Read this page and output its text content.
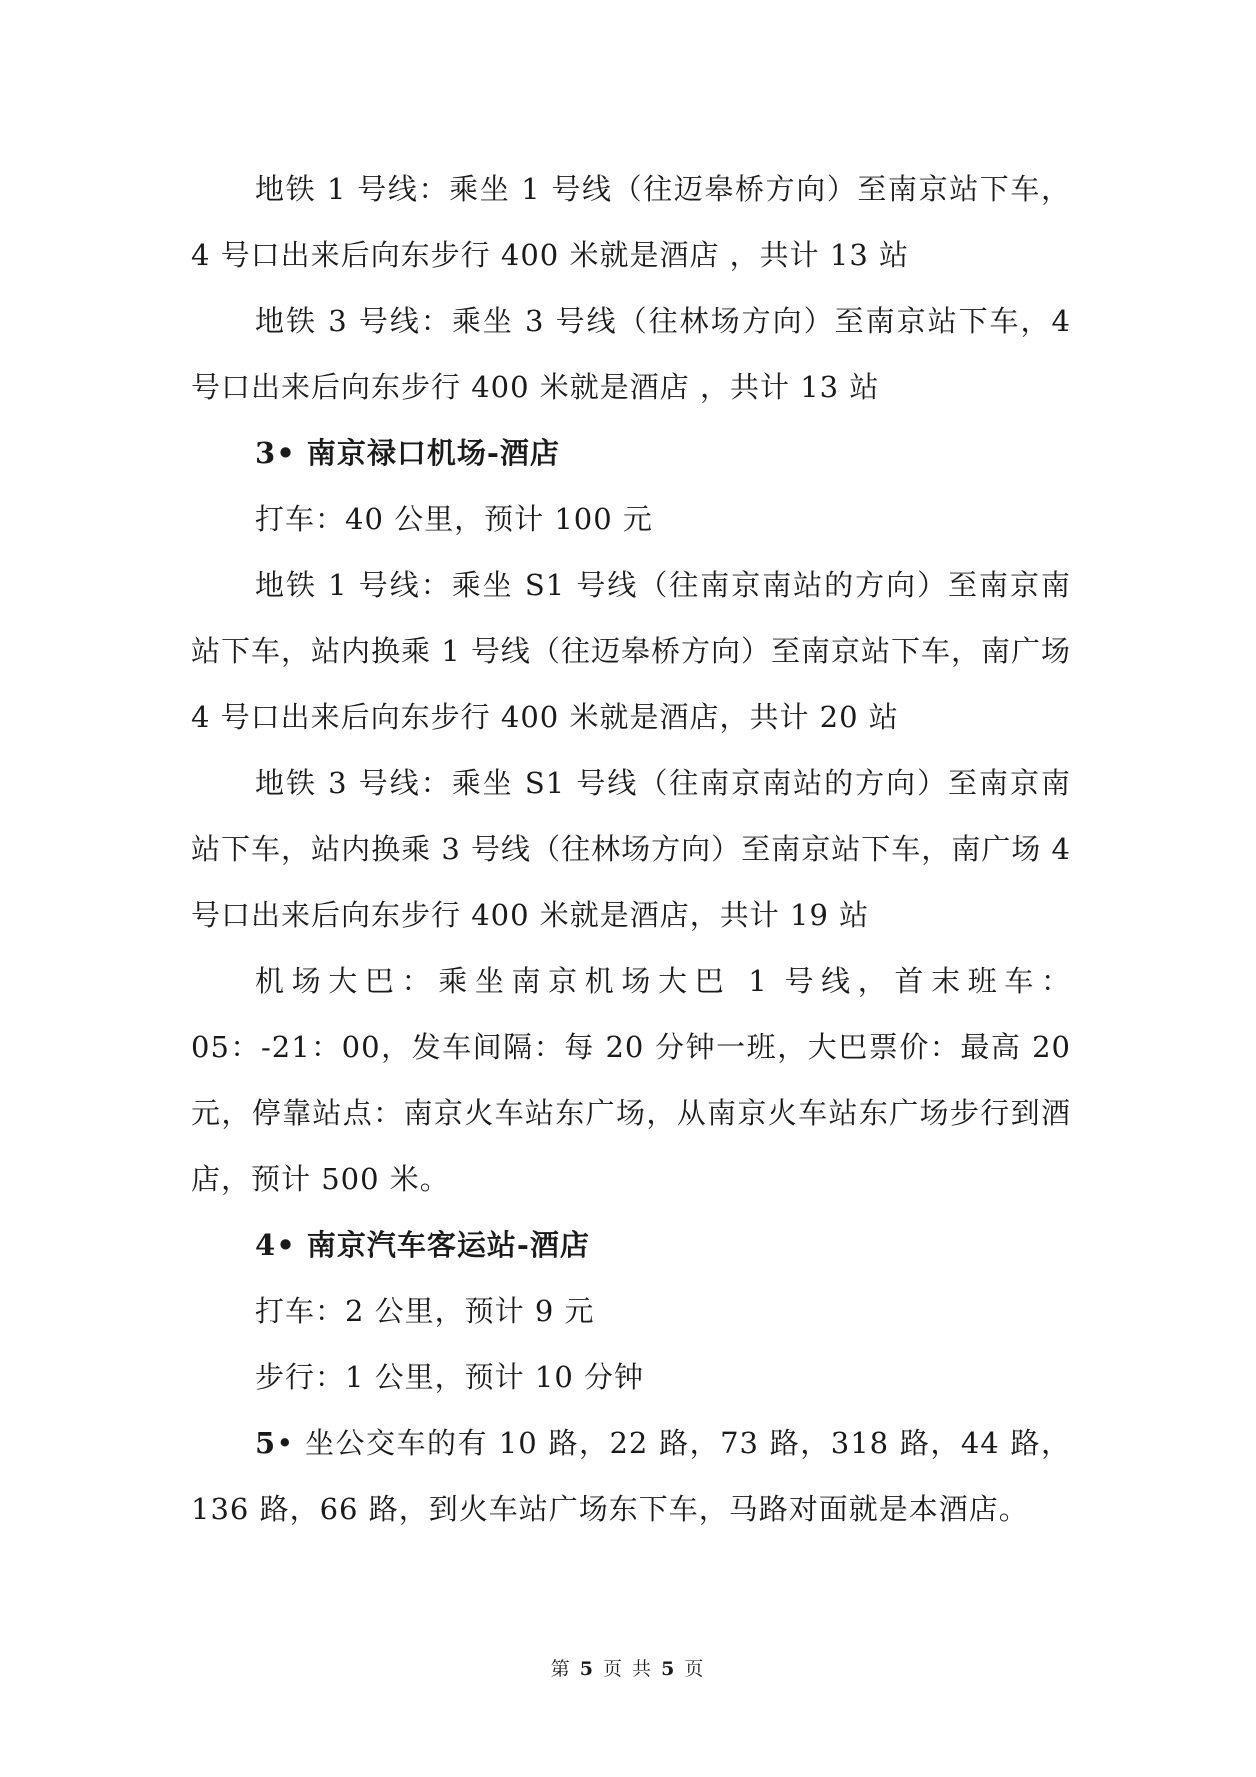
地铁 1 号线：乘坐 1 号线（往迈皋桥方向）至南京站下车，4 号口出来后向东步行 400 米就是酒店 ，共计 13 站

地铁 3 号线：乘坐 3 号线（往林场方向）至南京站下车，4 号口出来后向东步行 400 米就是酒店 ，共计 13 站

3• 南京禄口机场-酒店

打车：40 公里，预计 100 元

地铁 1 号线：乘坐 S1 号线（往南京南站的方向）至南京南站下车，站内换乘 1 号线（往迈皋桥方向）至南京站下车，南广场 4 号口出来后向东步行 400 米就是酒店，共计 20 站

地铁 3 号线：乘坐 S1 号线（往南京南站的方向）至南京南站下车，站内换乘 3 号线（往林场方向）至南京站下车，南广场 4 号口出来后向东步行 400 米就是酒店，共计 19 站

机场大巴：乘坐南京机场大巴 1 号线，首末班车：05：-21：00，发车间隔：每 20 分钟一班，大巴票价：最高 20 元，停靠站点：南京火车站东广场，从南京火车站东广场步行到酒店，预计 500 米。

4• 南京汽车客运站-酒店

打车：2 公里，预计 9 元

步行：1 公里，预计 10 分钟

5• 坐公交车的有 10 路，22 路，73 路，318 路，44 路，136 路，66 路，到火车站广场东下车，马路对面就是本酒店。

第 5 页 共 5 页
